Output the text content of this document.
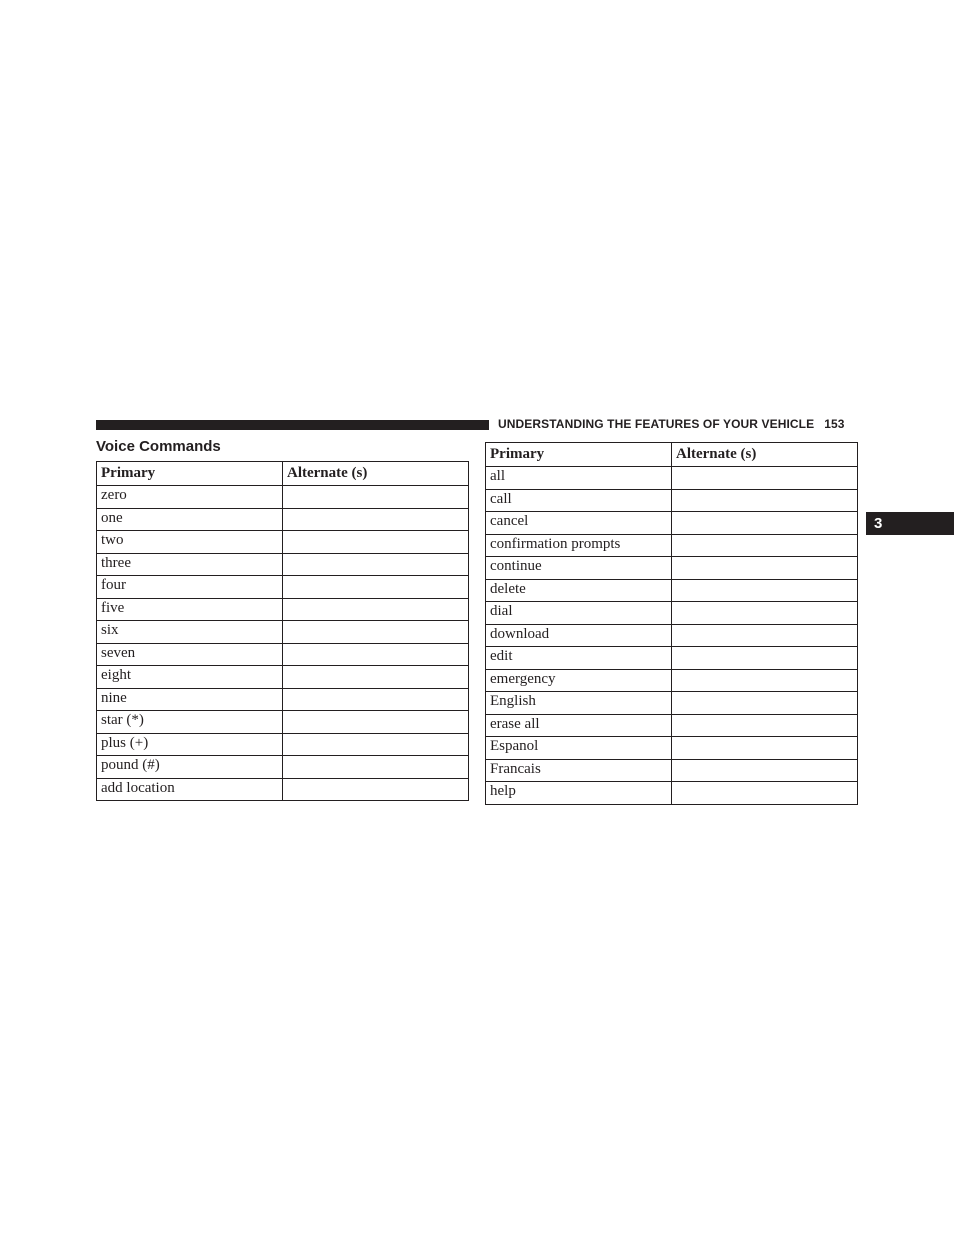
UNDERSTANDING THE FEATURES OF YOUR VEHICLE 153
Voice Commands
Primary	Alternate (s)
zero	
one	
two	
three	
four	
five	
six	
seven	
eight	
nine	
star (*)	
plus (+)	
pound (#)	
add location	
Primary	Alternate (s)
all	
call	
cancel	
confirmation prompts	
continue	
delete	
dial	
download	
edit	
emergency	
English	
erase all	
Espanol	
Francais	
help	
3
